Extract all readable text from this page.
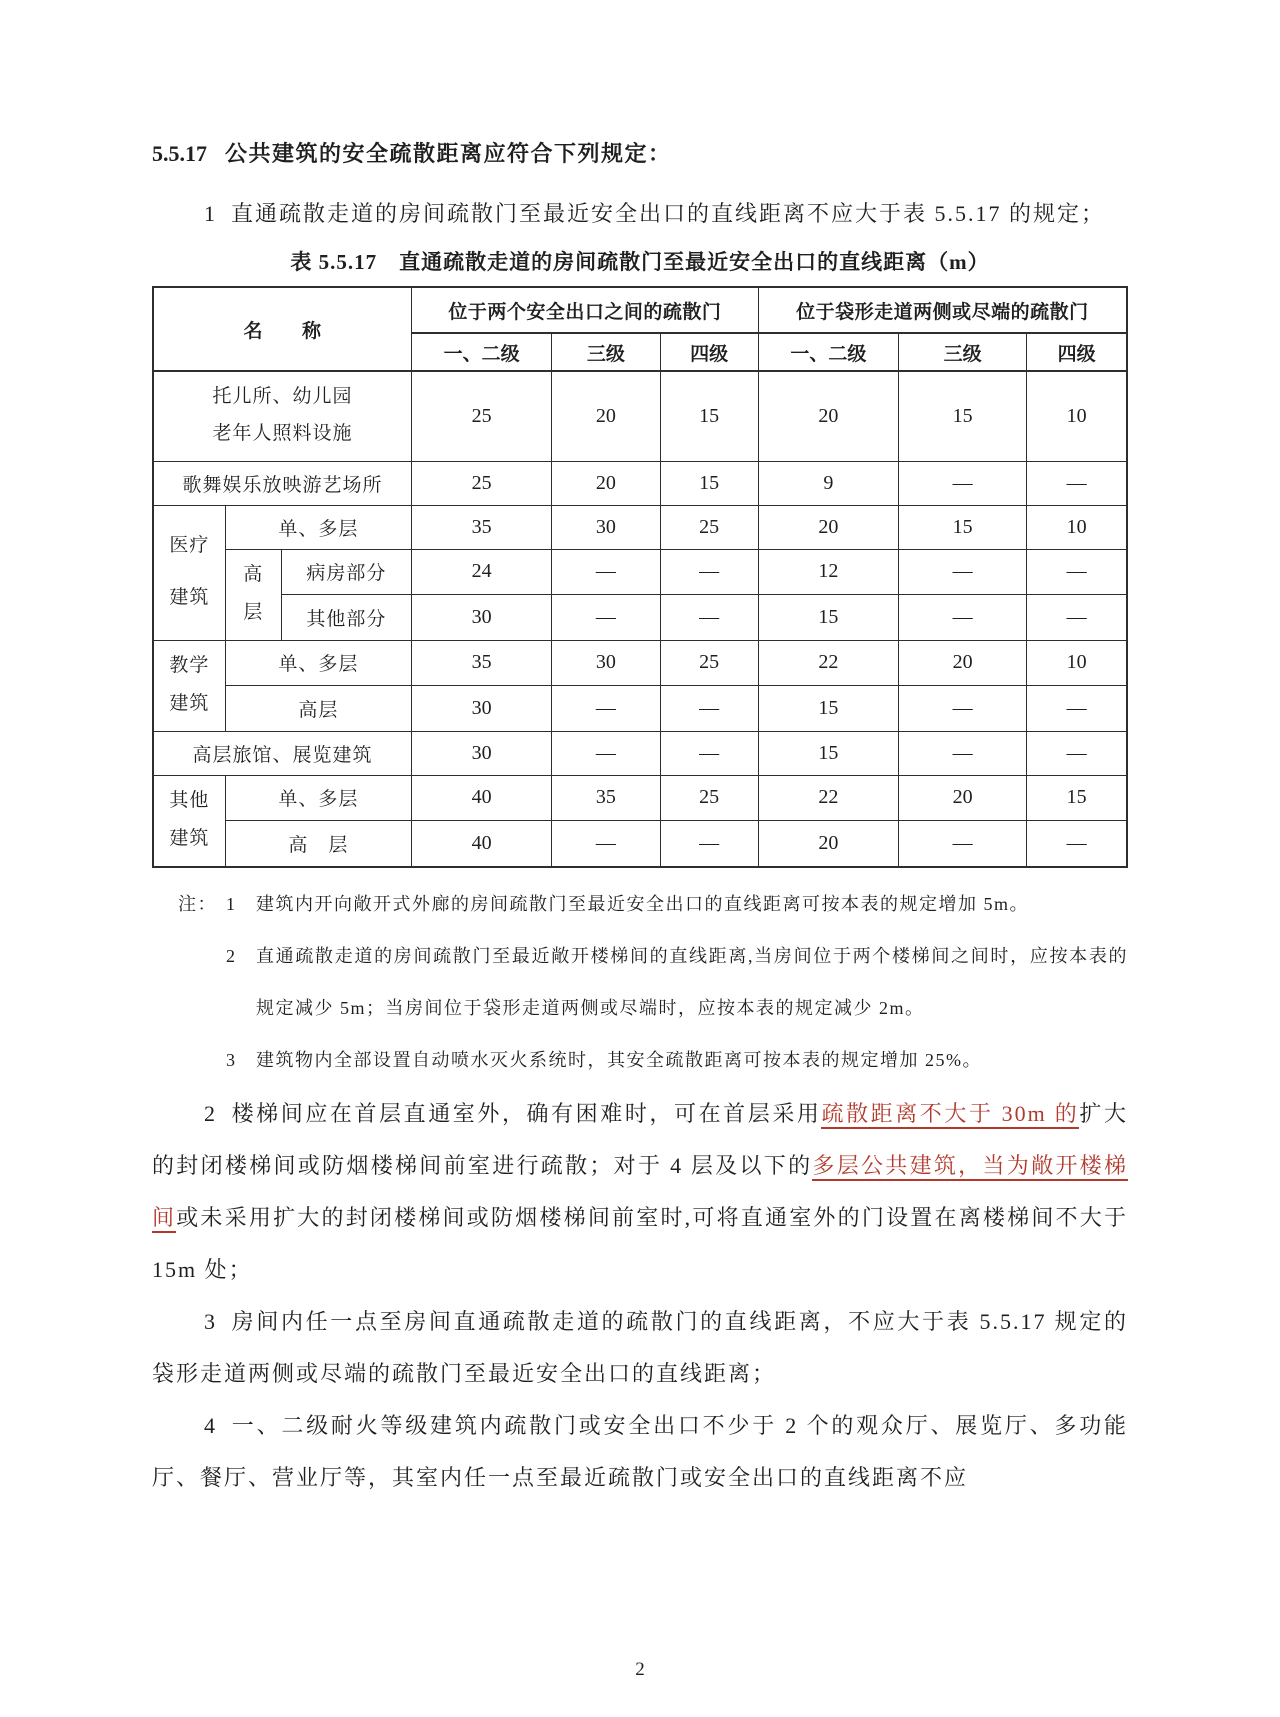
5.5.17 公共建筑的安全疏散距离应符合下列规定：

1 直通疏散走道的房间疏散门至最近安全出口的直线距离不应大于表 5.5.17 的规定；

表 5.5.17　直通疏散走道的房间疏散门至最近安全出口的直线距离（m）
名　　称			位于两个安全出口之间的疏散门			位于袋形走道两侧或尽端的疏散门		
			一、二级	三级	四级	一、二级	三级	四级

托儿所、幼儿园
老年人照料设施			25	20	15	20	15	10
歌舞娱乐放映游艺场所			25	20	15	9	—	—

医疗
建筑	单、多层		35	30	25	20	15	10

	高
层	病房部分	24	—	—	12	—	—
		其他部分	30	—	—	15	—	—

教学
建筑	单、多层		35	30	25	22	20	10
	高层		30	—	—	15	—	—
高层旅馆、展览建筑			30	—	—	15	—	—

其他
建筑	单、多层		40	35	25	22	20	15
	高　层		40	—	—	20	—	—
注： 1	建筑内开向敞开式外廊的房间疏散门至最近安全出口的直线距离可按本表的规定增加 5m。
2	直通疏散走道的房间疏散门至最近敞开楼梯间的直线距离,当房间位于两个楼梯间之间时，应按本表的规定减少 5m；当房间位于袋形走道两侧或尽端时，应按本表的规定减少 2m。
3	建筑物内全部设置自动喷水灭火系统时，其安全疏散距离可按本表的规定增加 25%。

2 楼梯间应在首层直通室外，确有困难时，可在首层采用疏散距离不大于 30m 的扩大的封闭楼梯间或防烟楼梯间前室进行疏散；对于 4 层及以下的多层公共建筑，当为敞开楼梯间或未采用扩大的封闭楼梯间或防烟楼梯间前室时,可将直通室外的门设置在离楼梯间不大于 15m 处；

3 房间内任一点至房间直通疏散走道的疏散门的直线距离，不应大于表 5.5.17 规定的袋形走道两侧或尽端的疏散门至最近安全出口的直线距离；

4 一、二级耐火等级建筑内疏散门或安全出口不少于 2 个的观众厅、展览厅、多功能厅、餐厅、营业厅等，其室内任一点至最近疏散门或安全出口的直线距离不应

2
